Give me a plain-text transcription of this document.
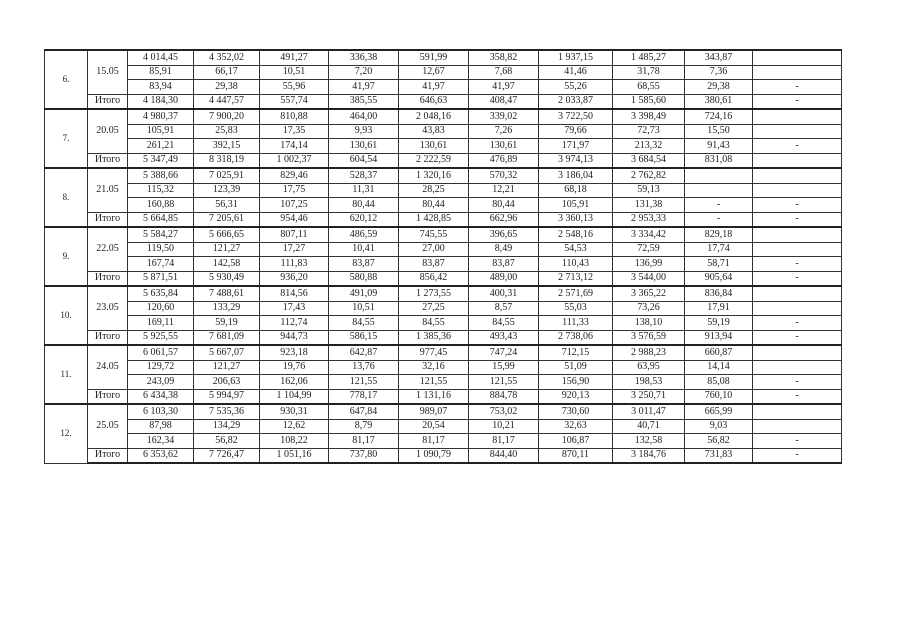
6.	15.05	4 014,45	4 352,02	491,27	336,38	591,99	358,82	1 937,15	1 485,27	343,87	
		85,91	66,17	10,51	7,20	12,67	7,68	41,46	31,78	7,36	
		83,94	29,38	55,96	41,97	41,97	41,97	55,26	68,55	29,38	-
	Итого	4 184,30	4 447,57	557,74	385,55	646,63	408,47	2 033,87	1 585,60	380,61	-
7.	20.05	4 980,37	7 900,20	810,88	464,00	2 048,16	339,02	3 722,50	3 398,49	724,16	
		105,91	25,83	17,35	9,93	43,83	7,26	79,66	72,73	15,50	
		261,21	392,15	174,14	130,61	130,61	130,61	171,97	213,32	91,43	-
	Итого	5 347,49	8 318,19	1 002,37	604,54	2 222,59	476,89	3 974,13	3 684,54	831,08	
8.	21.05	5 388,66	7 025,91	829,46	528,37	1 320,16	570,32	3 186,04	2 762,82		
		115,32	123,39	17,75	11,31	28,25	12,21	68,18	59,13		
		160,88	56,31	107,25	80,44	80,44	80,44	105,91	131,38	-	-
	Итого	5 664,85	7 205,61	954,46	620,12	1 428,85	662,96	3 360,13	2 953,33	-	-
9.	22.05	5 584,27	5 666,65	807,11	486,59	745,55	396,65	2 548,16	3 334,42	829,18	
		119,50	121,27	17,27	10,41	27,00	8,49	54,53	72,59	17,74	
		167,74	142,58	111,83	83,87	83,87	83,87	110,43	136,99	58,71	-
	Итого	5 871,51	5 930,49	936,20	580,88	856,42	489,00	2 713,12	3 544,00	905,64	-
10.	23.05	5 635,84	7 488,61	814,56	491,09	1 273,55	400,31	2 571,69	3 365,22	836,84	
		120,60	133,29	17,43	10,51	27,25	8,57	55,03	73,26	17,91	
		169,11	59,19	112,74	84,55	84,55	84,55	111,33	138,10	59,19	-
	Итого	5 925,55	7 681,09	944,73	586,15	1 385,36	493,43	2 738,06	3 576,59	913,94	-
11.	24.05	6 061,57	5 667,07	923,18	642,87	977,45	747,24	712,15	2 988,23	660,87	
		129,72	121,27	19,76	13,76	32,16	15,99	51,09	63,95	14,14	
		243,09	206,63	162,06	121,55	121,55	121,55	156,90	198,53	85,08	-
	Итого	6 434,38	5 994,97	1 104,99	778,17	1 131,16	884,78	920,13	3 250,71	760,10	-
12.	25.05	6 103,30	7 535,36	930,31	647,84	989,07	753,02	730,60	3 011,47	665,99	
		87,98	134,29	12,62	8,79	20,54	10,21	32,63	40,71	9,03	
		162,34	56,82	108,22	81,17	81,17	81,17	106,87	132,58	56,82	-
	Итого	6 353,62	7 726,47	1 051,16	737,80	1 090,79	844,40	870,11	3 184,76	731,83	-
